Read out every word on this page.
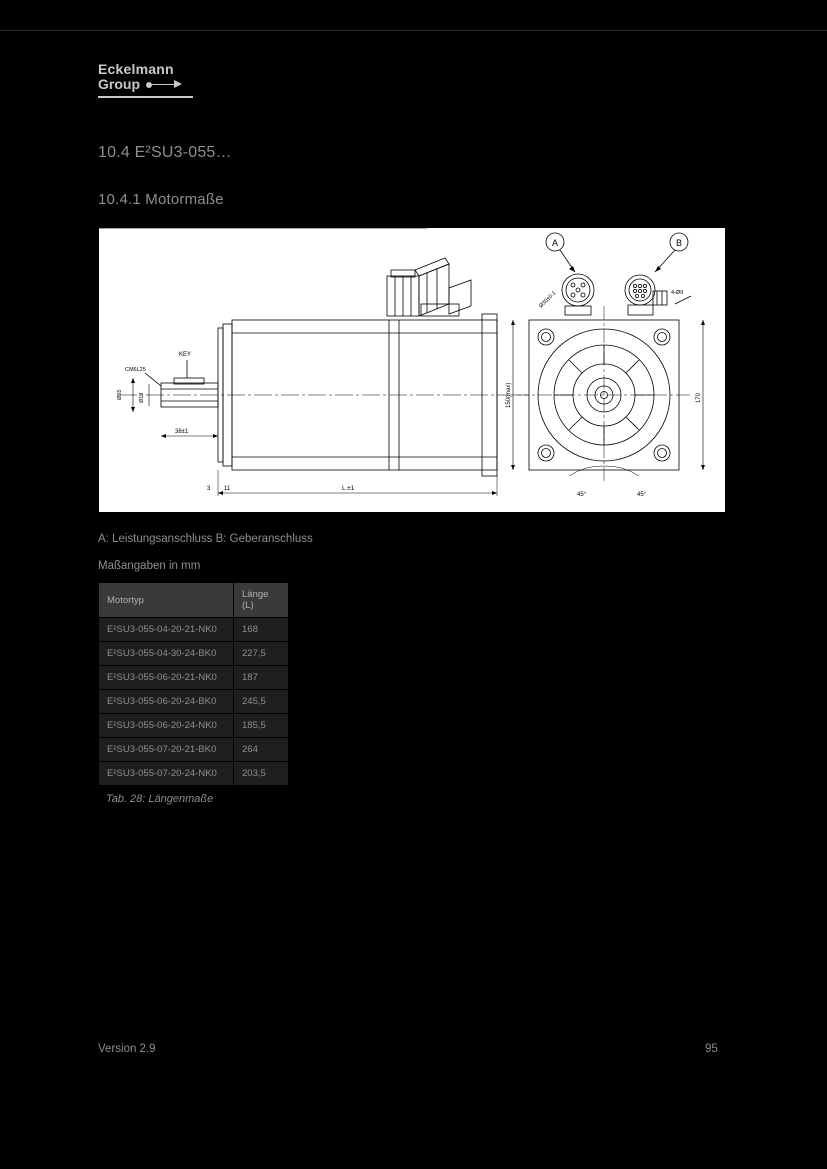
Eckelmann
Group
10.4 E²SU3-055…
10.4.1 Motormaße
KEY
CM6L25
Ø55	Ø19
38±1
L ±1
3 11
150(max)
A	B
Ø30±0,1	4-Ø9
170
45°	45°
A: Leistungsanschluss B: Geberanschluss
Maßangaben in mm
Motortyp	Länge (L)
E²SU3-055-04-20-21-NK0	168
E²SU3-055-04-30-24-BK0	227,5
E²SU3-055-06-20-21-NK0	187
E²SU3-055-06-20-24-BK0	245,5
E²SU3-055-06-20-24-NK0	185,5
E²SU3-055-07-20-21-BK0	264
E²SU3-055-07-20-24-NK0	203,5
Tab. 28: Längenmaße
Version 2.9	95
